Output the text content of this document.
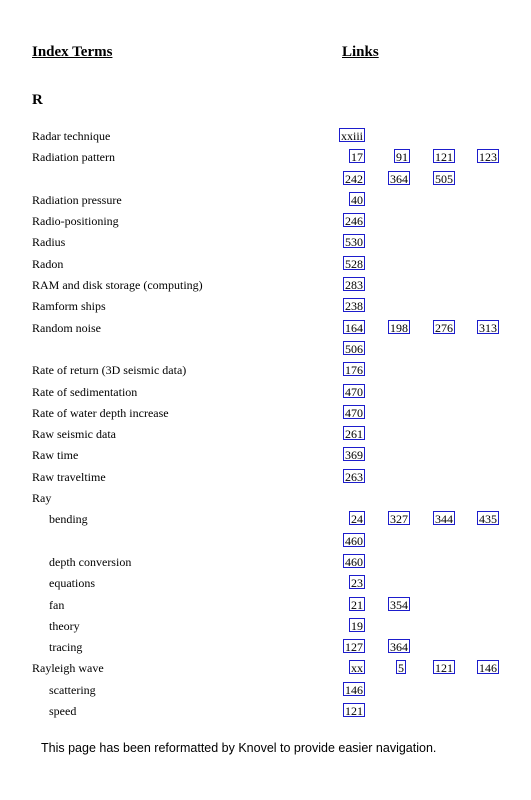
Index Terms	Links
R
Radar technique	xxiii
Radiation pattern	17	91 121 123
242 364 505
Radiation pressure	40
Radio-positioning	246
Radius	530
Radon	528
RAM and disk storage (computing)	283
Ramform ships	238
Random noise	164 198 276 313
506
Rate of return (3D seismic data)	176
Rate of sedimentation	470
Rate of water depth increase	470
Raw seismic data	261
Raw time	369
Raw traveltime	263
Ray
bending	24 327 344 435
460
depth conversion	460
equations	23
fan	21 354
theory	19
tracing	127 364
Rayleigh wave	xx	5	121 146
scattering	146
speed	121
This page has been reformatted by Knovel to provide easier navigation.
